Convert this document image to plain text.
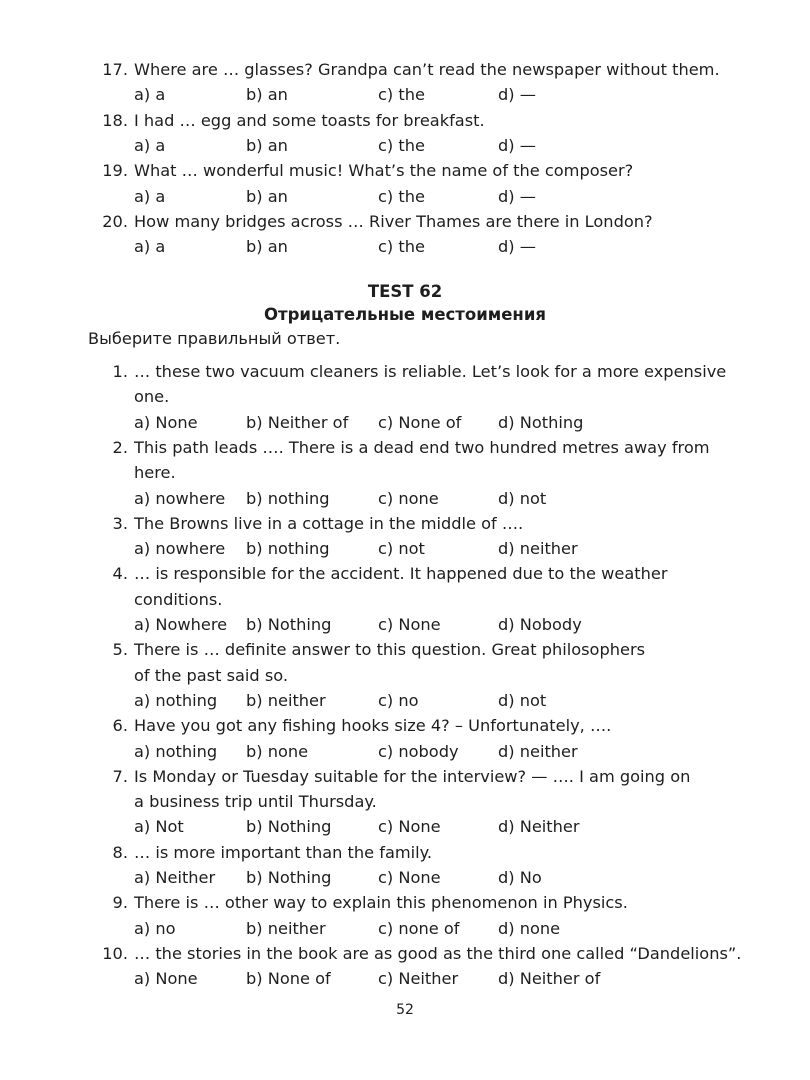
17. Where are … glasses? Grandpa can’t read the newspaper without them.
a) a	b) an	c) the	d) —
18. I had … egg and some toasts for breakfast.
a) a	b) an	c) the	d) —
19. What … wonderful music! What’s the name of the composer?
a) a	b) an	c) the	d) —
20. How many bridges across … River Thames are there in London?
a) a	b) an	c) the	d) —
TEST 62
Отрицательные местоимения
Выберите правильный ответ.
1. … these two vacuum cleaners is reliable. Let’s look for a more expensive
one.
a) None	b) Neither of c) None of d) Nothing
2. This path leads …. There is a dead end two hundred metres away from
here.
a) nowhere b) nothing	c) none	d) not
3. The Browns live in a cottage in the middle of ….
a) nowhere b) nothing	c) not	d) neither
4. … is responsible for the accident. It happened due to the weather
conditions.
a) Nowhere b) Nothing	c) None	d) Nobody
5. There is … definite answer to this question. Great philosophers
of the past said so.
a) nothing b) neither	c) no	d) not
6. Have you got any fishing hooks size 4? – Unfortunately, ….
a) nothing b) none	c) nobody d) neither
7. Is Monday or Tuesday suitable for the interview? — …. I am going on
a business trip until Thursday.
a) Not	b) Nothing	c) None	d) Neither
8. … is more important than the family.
a) Neither b) Nothing	c) None	d) No
9. There is … other way to explain this phenomenon in Physics.
a) no	b) neither	c) none of d) none
10. … the stories in the book are as good as the third one called “Dandelions”.
a) None	b) None of	c) Neither d) Neither of
52
